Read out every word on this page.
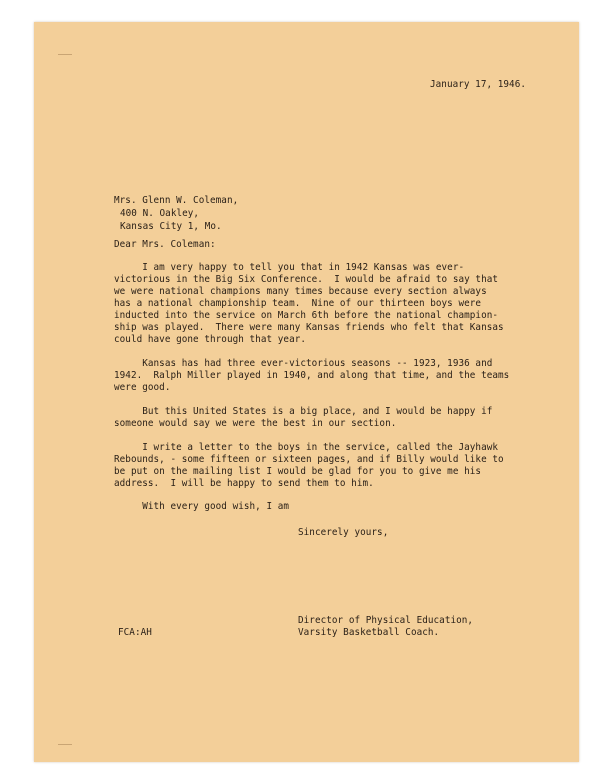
January 17, 1946.
Mrs. Glenn W. Coleman,
400 N. Oakley,
Kansas City 1, Mo.
Dear Mrs. Coleman:
I am very happy to tell you that in 1942 Kansas was ever-
victorious in the Big Six Conference.  I would be afraid to say that
we were national champions many times because every section always
has a national championship team.  Nine of our thirteen boys were
inducted into the service on March 6th before the national champion-
ship was played.  There were many Kansas friends who felt that Kansas
could have gone through that year.
Kansas has had three ever-victorious seasons -- 1923, 1936 and
1942.  Ralph Miller played in 1940, and along that time, and the teams
were good.
But this United States is a big place, and I would be happy if
someone would say we were the best in our section.
I write a letter to the boys in the service, called the Jayhawk
Rebounds, - some fifteen or sixteen pages, and if Billy would like to
be put on the mailing list I would be glad for you to give me his
address.  I will be happy to send them to him.
With every good wish, I am
Sincerely yours,
Director of Physical Education,
Varsity Basketball Coach.
FCA:AH
